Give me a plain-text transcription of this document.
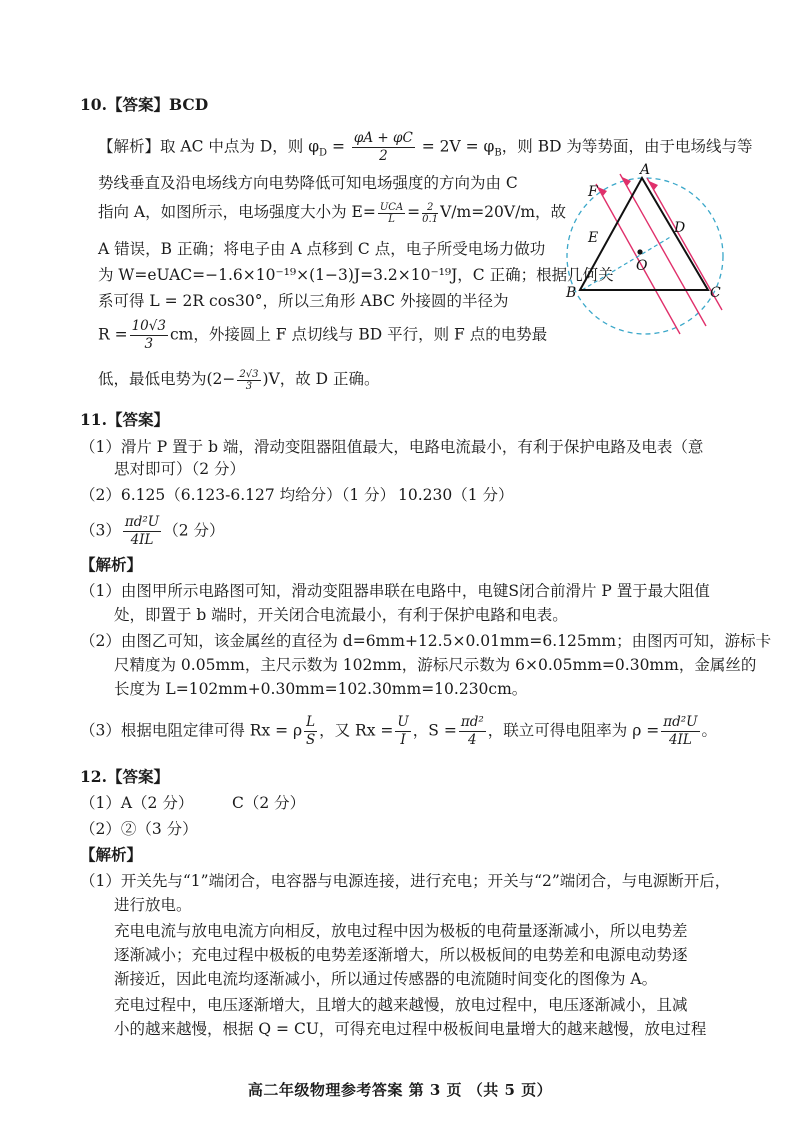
10.【答案】BCD
【解析】取 AC 中点为 D，则 $\varphi_D = \frac{\varphi A + \varphi C}{2} = 2V = \varphi_B$，则 BD 为等势面，由于电场线与等
势线垂直及沿电场线方向电势降低可知电场强度的方向为由 C
指向 A，如图所示，电场强度大小为 $E= \frac{\text{UCA}}{L} = \frac{2}{0.1} V/m=20V/m$，故
A 错误，B 正确；将电子由 A 点移到 C 点，电子所受电场力做功
为 W=eUAC=−1.6×10⁻¹⁹×(1−3)J=3.2×10⁻¹⁹J，C 正确；根据几何关
系可得 L = 2R cos30°，所以三角形 ABC 外接圆的半径为
$R = \frac{10√3}{3}$ cm，外接圆上 F 点切线与 BD 平行，则 F 点的电势最
低，最低电势为$(2- \frac{2√3}{3} )V$，故 D 正确。
A
B	C
D
E
F
O
11.【答案】
（1）滑片 P 置于 b 端，滑动变阻器阻值最大，电路电流最小，有利于保护电路及电表（意
思对即可）（2 分）
（2）6.125（6.123-6.127 均给分）（1 分） 10.230（1 分）
$(3) \frac{\text{πd²U}}{4IL} (2$ 分）
【解析】
（1）由图甲所示电路图可知，滑动变阻器串联在电路中，电键S闭合前滑片 P 置于最大阻值
处，即置于 b 端时，开关闭合电流最小，有利于保护电路和电表。
（2）由图乙可知，该金属丝的直径为 d=6mm+12.5×0.01mm=6.125mm；由图丙可知，游标卡
尺精度为 0.05mm，主尺示数为 102mm，游标尺示数为 6×0.05mm=0.30mm，金属丝的
长度为 L=102mm+0.30mm=102.30mm=10.230cm。
（3）根据电阻定律可得 Rx = ρ $\frac{L}{S}$ ，又 $Rx = \frac{U}{I}$ ，$S = \frac{\text{πd²}}{4}$ ，联立可得电阻率为 $\rho = \frac{\text{πd²U}}{4IL}$ 。
12.【答案】
（1）A（2 分） C（2 分）
（2）②（3 分）
【解析】
（1）开关先与“1”端闭合，电容器与电源连接，进行充电；开关与“2”端闭合，与电源断开后，
进行放电。
充电电流与放电电流方向相反，放电过程中因为极板的电荷量逐渐减小，所以电势差
逐渐减小；充电过程中极板的电势差逐渐增大，所以极板间的电势差和电源电动势逐
渐接近，因此电流均逐渐减小，所以通过传感器的电流随时间变化的图像为 A。
充电过程中，电压逐渐增大，且增大的越来越慢，放电过程中，电压逐渐减小，且减
小的越来越慢，根据 Q = CU，可得充电过程中极板间电量增大的越来越慢，放电过程
高二年级物理参考答案 第 3 页 （共 5 页）
